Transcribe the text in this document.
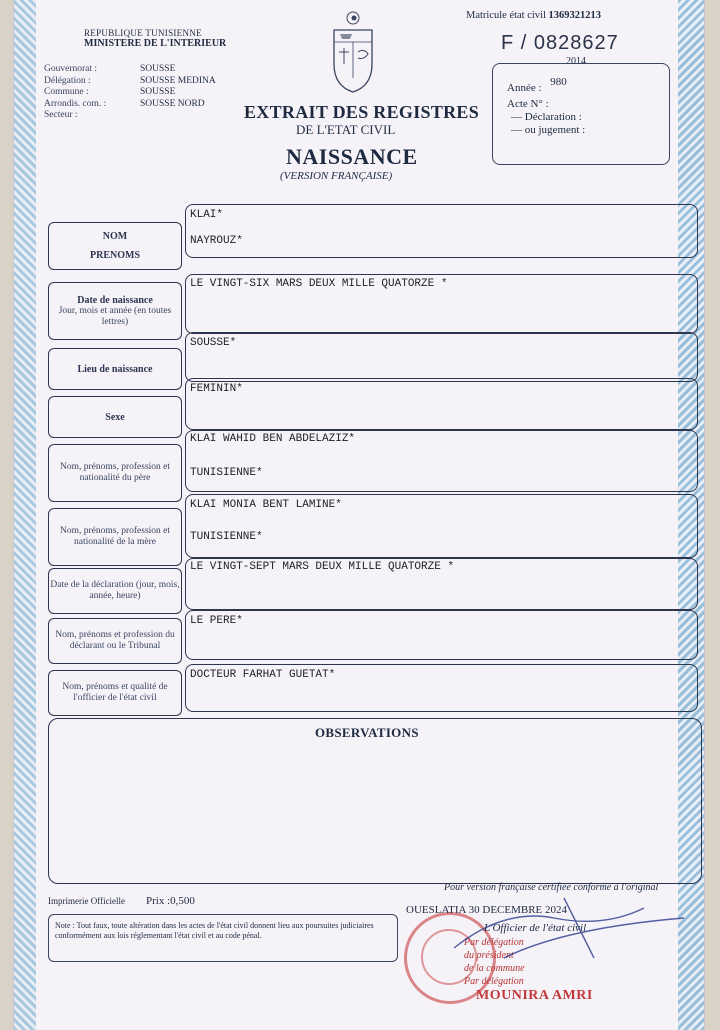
REPUBLIQUE TUNISIENNE
MINISTERE DE L'INTERIEUR
Matricule état civil 1369321213
F / 0828627
2014
Gouvernorat :
Délégation :
Commune :
Arrondis. com. :
Secteur :
SOUSSE
SOUSSE MEDINA
SOUSSE
SOUSSE NORD	EXTRAIT DES REGISTRES
DE L'ETAT CIVIL
NAISSANCE
(VERSION FRANÇAISE)
Année : 980
Acte N° :
— Déclaration :
— ou jugement :
NOM
PRENOMS
KLAI*
NAYROUZ*
Date de naissance
Jour, mois et année (en toutes lettres)
LE VINGT-SIX MARS DEUX MILLE QUATORZE *
Lieu de naissance
SOUSSE*
Sexe
FEMININ*
Nom, prénoms, profession et nationalité du père
KLAI WAHID BEN ABDELAZIZ*
TUNISIENNE*
Nom, prénoms, profession et nationalité de la mère
KLAI MONIA BENT LAMINE*
TUNISIENNE*
Date de la déclaration (jour, mois, année, heure)
LE VINGT-SEPT MARS DEUX MILLE QUATORZE *
Nom, prénoms et profession du déclarant ou le Tribunal
LE PERE*
Nom, prénoms et qualité de l'officier de l'état civil
DOCTEUR FARHAT GUETAT*
OBSERVATIONS
Imprimerie Officielle Prix :0,500
Pour version française certifiée conforme à l'original
Note : Tout faux, toute altération dans les actes de l'état civil donnent lieu aux poursuites judiciaires conformément aux lois réglementant l'état civil et au code pénal.
OUESLATIA 30 DECEMBRE 2024
L'Officier de l'état civil
Par délégation
du président
de la commune
Par délégation
MOUNIRA AMRI
